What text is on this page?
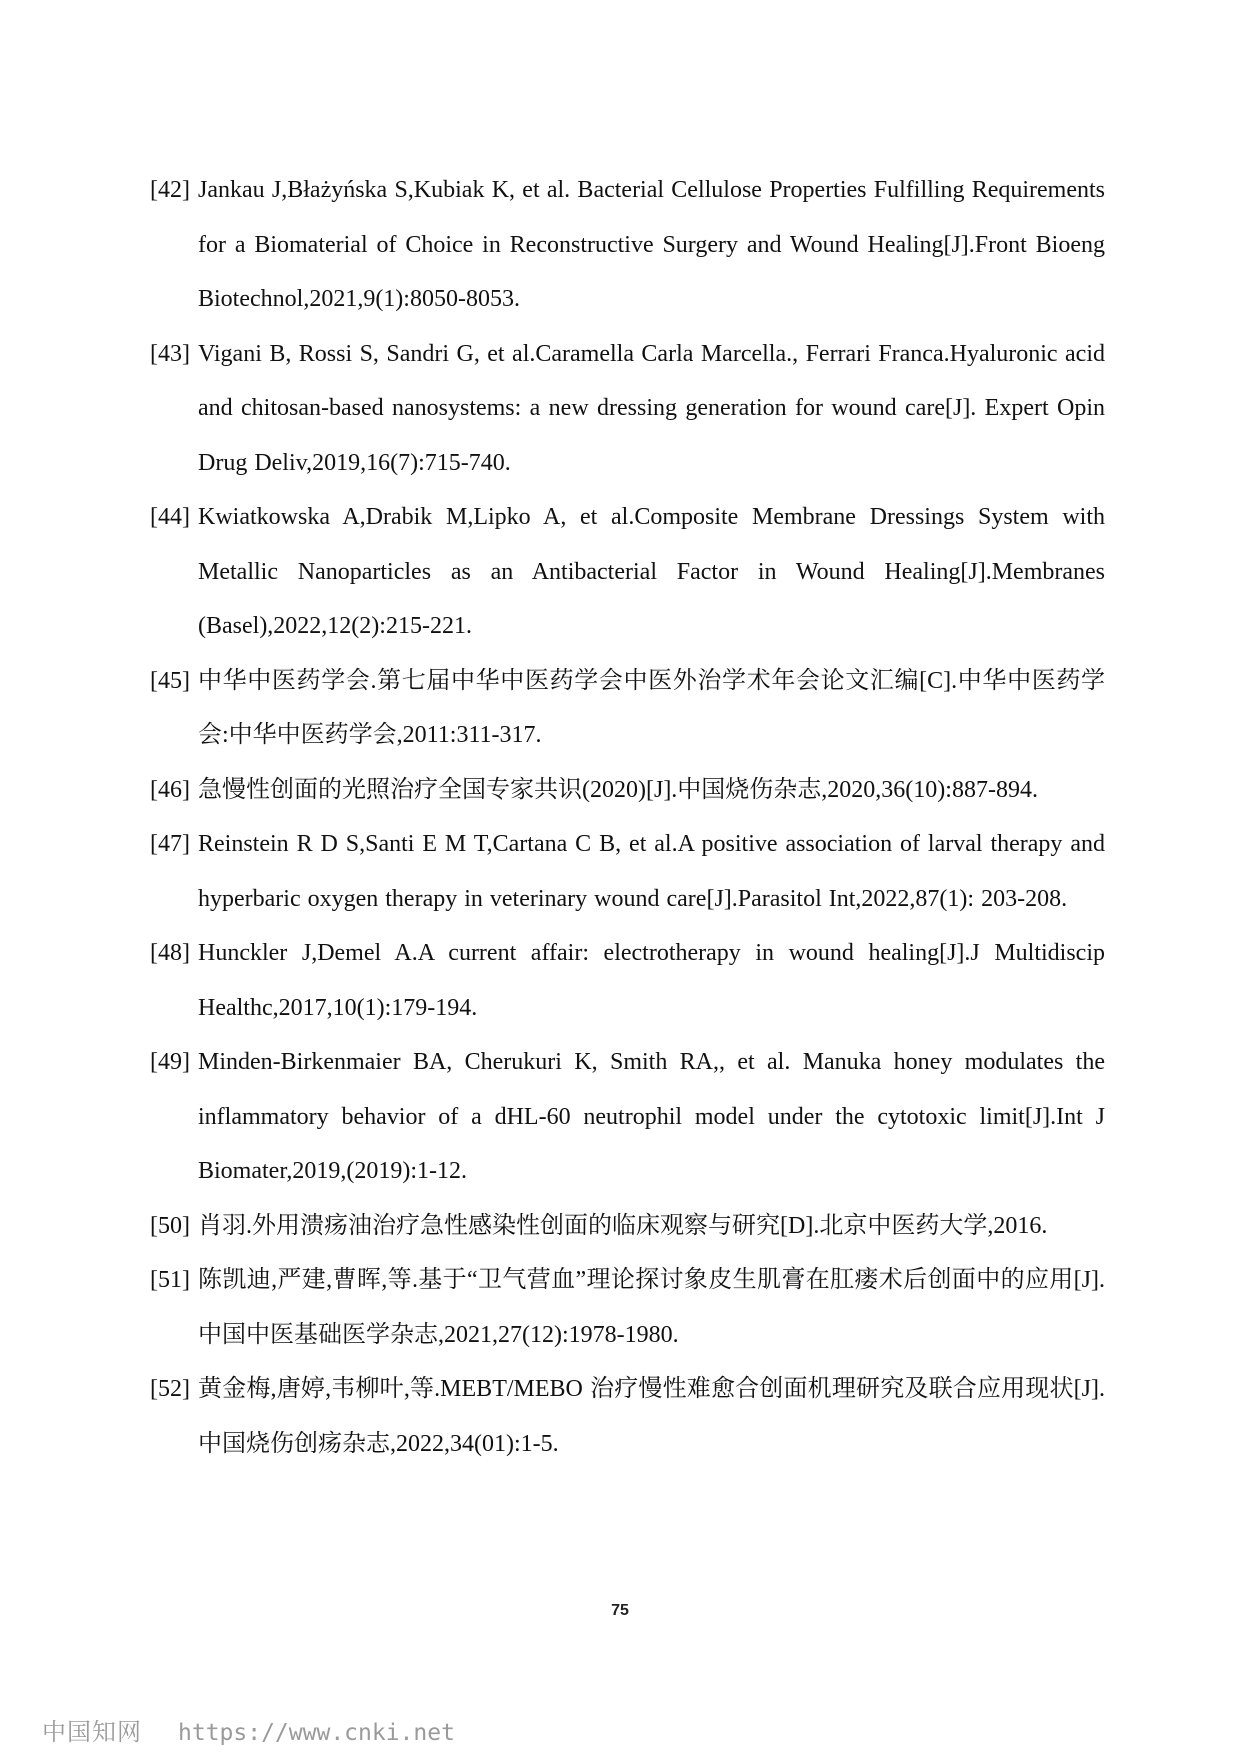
[42] Jankau J,Błażyńska S,Kubiak K, et al. Bacterial Cellulose Properties Fulfilling Requirements for a Biomaterial of Choice in Reconstructive Surgery and Wound Healing[J].Front Bioeng Biotechnol,2021,9(1):8050-8053.
[43] Vigani B, Rossi S, Sandri G, et al.Caramella Carla Marcella., Ferrari Franca.Hyaluronic acid and chitosan-based nanosystems: a new dressing generation for wound care[J]. Expert Opin Drug Deliv,2019,16(7):715-740.
[44] Kwiatkowska A,Drabik M,Lipko A, et al.Composite Membrane Dressings System with Metallic Nanoparticles as an Antibacterial Factor in Wound Healing[J].Membranes (Basel),2022,12(2):215-221.
[45] 中华中医药学会.第七届中华中医药学会中医外治学术年会论文汇编[C].中华中医药学会:中华中医药学会,2011:311-317.
[46] 急慢性创面的光照治疗全国专家共识(2020)[J].中国烧伤杂志,2020,36(10):887-894.
[47] Reinstein R D S,Santi E M T,Cartana C B, et al.A positive association of larval therapy and hyperbaric oxygen therapy in veterinary wound care[J].Parasitol Int,2022,87(1): 203-208.
[48] Hunckler J,Demel A.A current affair: electrotherapy in wound healing[J].J Multidiscip Healthc,2017,10(1):179-194.
[49] Minden-Birkenmaier BA, Cherukuri K, Smith RA,, et al. Manuka honey modulates the inflammatory behavior of a dHL-60 neutrophil model under the cytotoxic limit[J].Int J Biomater,2019,(2019):1-12.
[50] 肖羽.外用溃疡油治疗急性感染性创面的临床观察与研究[D].北京中医药大学,2016.
[51] 陈凯迪,严建,曹晖,等.基于“卫气营血”理论探讨象皮生肌膏在肛瘘术后创面中的应用[J].中国中医基础医学杂志,2021,27(12):1978-1980.
[52] 黄金梅,唐婷,韦柳叶,等.MEBT/MEBO 治疗慢性难愈合创面机理研究及联合应用现状[J].中国烧伤创疡杂志,2022,34(01):1-5.
75
中国知网 https://www.cnki.net
